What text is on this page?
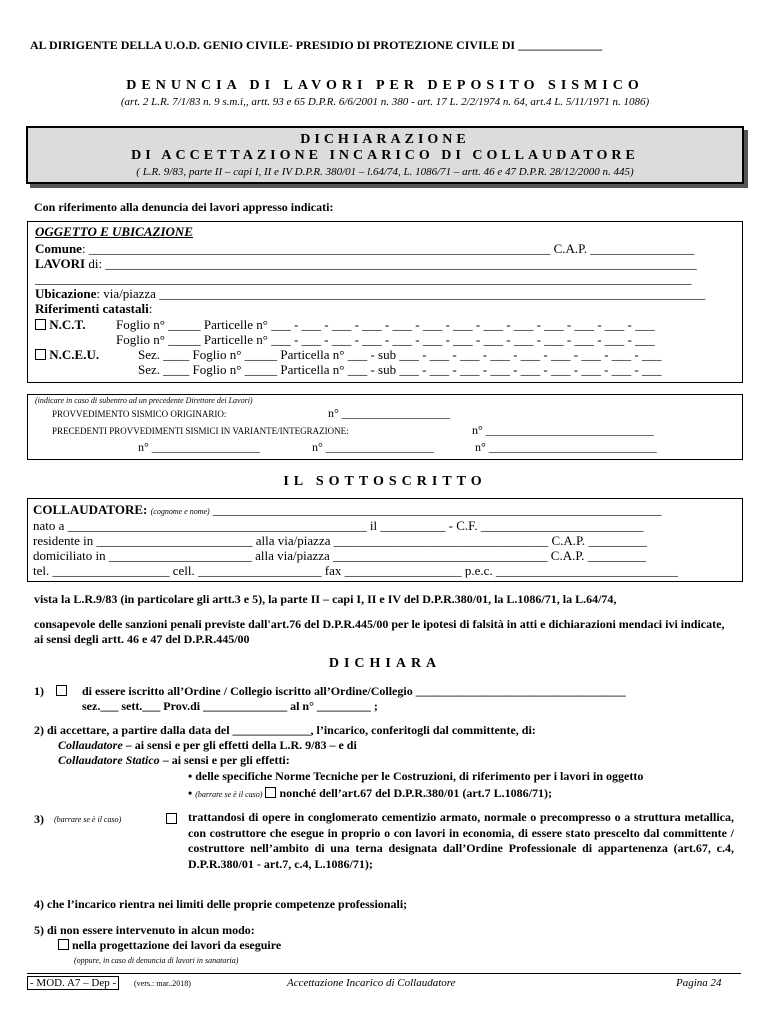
AL DIRIGENTE DELLA U.O.D. GENIO CIVILE- PRESIDIO DI PROTEZIONE CIVILE DI ______________
DENUNCIA DI LAVORI PER DEPOSITO SISMICO
(art. 2 L.R. 7/1/83 n. 9 s.m.i,, artt. 93 e 65 D.P.R. 6/6/2001 n. 380 - art. 17 L. 2/2/1974 n. 64, art.4 L. 5/11/1971 n. 1086)
DICHIARAZIONE
DI ACCETTAZIONE INCARICO DI COLLAUDATORE
( L.R. 9/83, parte II – capi I, II e IV D.P.R. 380/01 – l.64/74, L. 1086/71 – artt. 46 e 47 D.P.R. 28/12/2000 n. 445)
Con riferimento alla denuncia dei lavori appresso indicati:
OGGETTO E UBICAZIONE
Comune: _______________________________________________________________________ C.A.P. ________________
LAVORI di: ___________________________________________________________________________________________
_____________________________________________________________________________________________________
Ubicazione: via/piazza ____________________________________________________________________________________
Riferimenti catastali:
N.C.T. Foglio n° _____ Particelle n° ___ - ___ - ___ - ___ - ___ - ___ - ___ - ___ - ___ - ___ - ___ - ___ - ___
Foglio n° _____ Particelle n° ___ - ___ - ___ - ___ - ___ - ___ - ___ - ___ - ___ - ___ - ___ - ___ - ___
N.C.E.U.	Sez. ____ Foglio n° _____ Particella n° ___ - sub ___ - ___ - ___ - ___ - ___ - ___ - ___ - ___ - ___
Sez. ____ Foglio n° _____ Particella n° ___ - sub ___ - ___ - ___ - ___ - ___ - ___ - ___ - ___ - ___
(indicare in caso di subentro ad un precedente Direttore dei Lavori)
PROVVEDIMENTO SISMICO ORIGINARIO:	n° __________________
PRECEDENTI PROVVEDIMENTI SISMICI IN VARIANTE/INTEGRAZIONE:	n° ____________________________
n° __________________	n° __________________	n° ____________________________
IL SOTTOSCRITTO
COLLAUDATORE: (cognome e nome) _____________________________________________________________________
nato a ______________________________________________ il __________ - C.F. _________________________
residente in ________________________ alla via/piazza _________________________________ C.A.P. _________
domiciliato in ______________________ alla via/piazza _________________________________ C.A.P. _________
tel. __________________ cell. ___________________ fax __________________ p.e.c. ____________________________
vista la L.R.9/83 (in particolare gli artt.3 e 5), la parte II – capi I, II e IV del D.P.R.380/01, la L.1086/71, la L.64/74,
consapevole delle sanzioni penali previste dall'art.76 del D.P.R.445/00 per le ipotesi di falsità in atti e dichiarazioni mendaci ivi indicate, ai sensi degli artt. 46 e 47 del D.P.R.445/00
DICHIARA
1)	di essere iscritto all’Ordine / Collegio iscritto all’Ordine/Collegio ___________________________________
sez.___ sett.___ Prov.di ______________ al n° _________ ;
2) di accettare, a partire dalla data del _____________, l’incarico, conferitogli dal committente, di:
Collaudatore – ai sensi e per gli effetti della L.R. 9/83 – e di
Collaudatore Statico – ai sensi e per gli effetti:
• delle specifiche Norme Tecniche per le Costruzioni, di riferimento per i lavori in oggetto
• (barrare se è il caso) nonché dell’art.67 del D.P.R.380/01 (art.7 L.1086/71);
3) (barrare se è il caso)	trattandosi di opere in conglomerato cementizio armato, normale o precompresso o a struttura metallica, con costruttore che esegue in proprio o con lavori in economia, di essere stato prescelto dal committente / costruttore nell’ambito di una terna designata dall’Ordine Professionale di appartenenza (art.67, c.4, D.P.R.380/01 - art.7, c.4, L.1086/71);
4) che l’incarico rientra nei limiti delle proprie competenze professionali;
5) di non essere intervenuto in alcun modo:
nella progettazione dei lavori da eseguire
(oppure, in caso di denuncia di lavori in sanatoria)
- MOD. A7 – Dep -	(vers.: mar..2018)	Accettazione Incarico di Collaudatore	Pagina 24
